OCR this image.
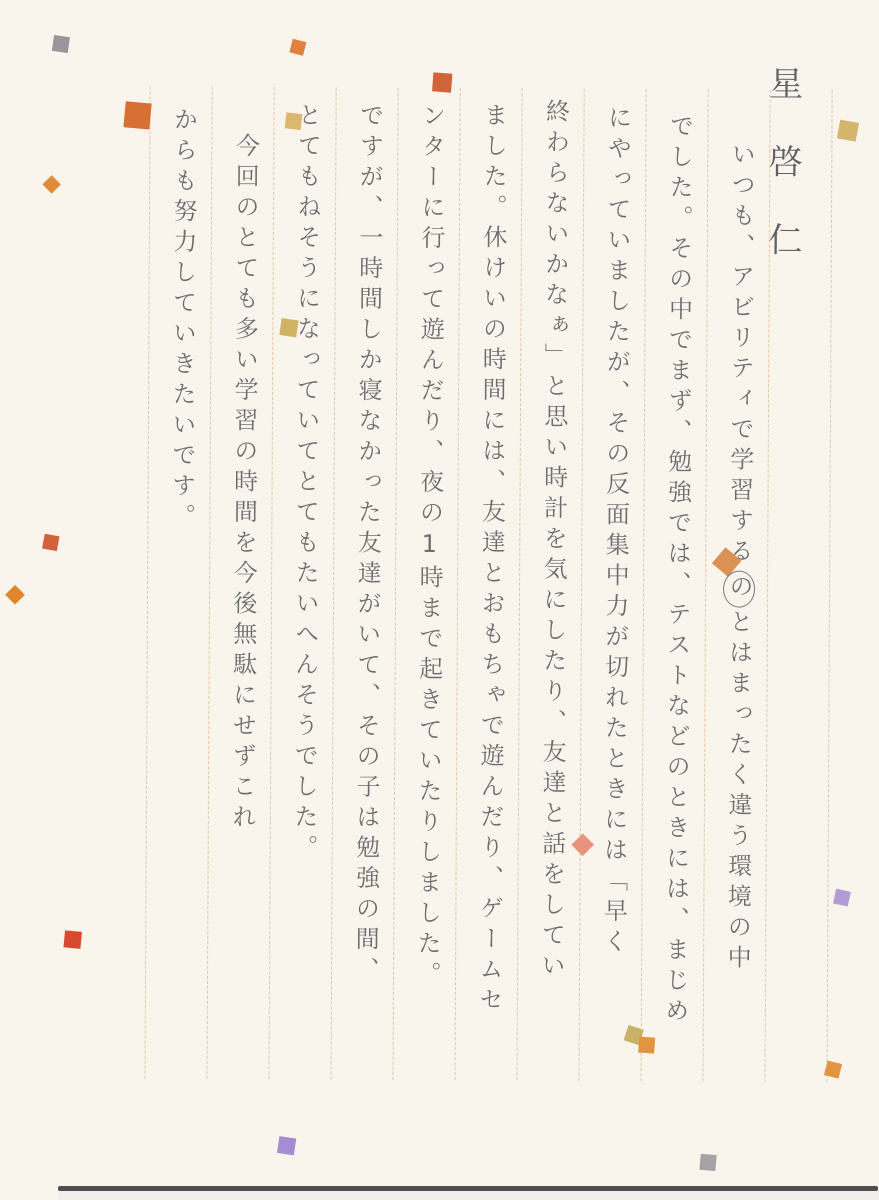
星啓仁
いつも、アビリティで学習するのとはまったく違う環境の中
でした。その中でまず、勉強では、テストなどのときには、まじめ
にやっていましたが、その反面集中力が切れたときには「早く
終わらないかなぁ」と思い時計を気にしたり、友達と話をしてい
ました。休けいの時間には、友達とおもちゃで遊んだり、ゲームセ
ンターに行って遊んだり、夜の1時まで起きていたりしました。
ですが、一時間しか寝なかった友達がいて、その子は勉強の間、
とてもねそうになっていてとてもたいへんそうでした。
今回のとても多い学習の時間を今後無駄にせずこれ
からも努力していきたいです。
